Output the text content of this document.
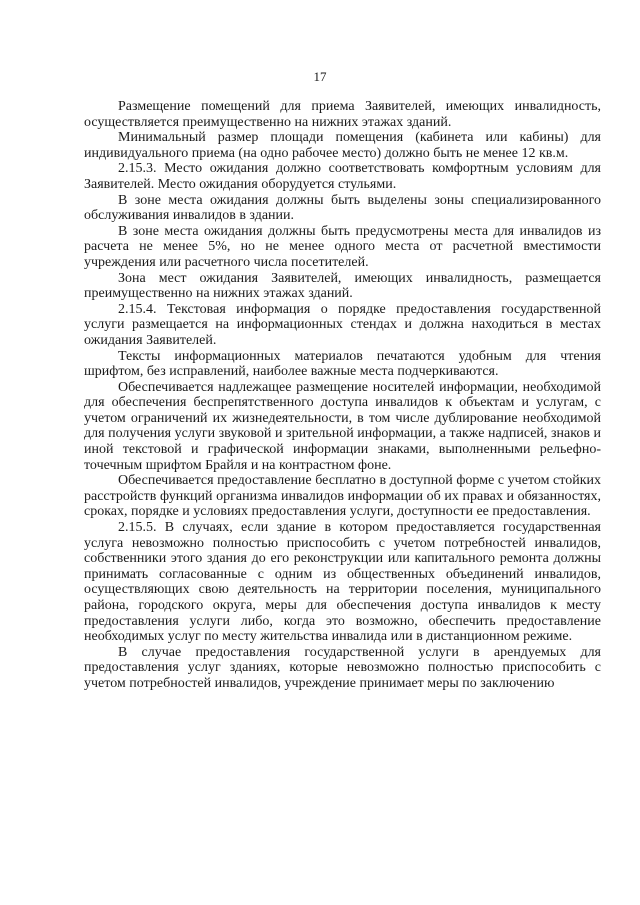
17

Размещение помещений для приема Заявителей, имеющих инвалидность, осуществляется преимущественно на нижних этажах зданий.

Минимальный размер площади помещения (кабинета или кабины) для индивидуального приема (на одно рабочее место) должно быть не менее 12 кв.м.

2.15.3. Место ожидания должно соответствовать комфортным условиям для Заявителей. Место ожидания оборудуется стульями.

В зоне места ожидания должны быть выделены зоны специализированного обслуживания инвалидов в здании.

В зоне места ожидания должны быть предусмотрены места для инвалидов из расчета не менее 5%, но не менее одного места от расчетной вместимости учреждения или расчетного числа посетителей.

Зона мест ожидания Заявителей, имеющих инвалидность, размещается преимущественно на нижних этажах зданий.

2.15.4. Текстовая информация о порядке предоставления государственной услуги размещается на информационных стендах и должна находиться в местах ожидания Заявителей.

Тексты информационных материалов печатаются удобным для чтения шрифтом, без исправлений, наиболее важные места подчеркиваются.

Обеспечивается надлежащее размещение носителей информации, необходимой для обеспечения беспрепятственного доступа инвалидов к объектам и услугам, с учетом ограничений их жизнедеятельности, в том числе дублирование необходимой для получения услуги звуковой и зрительной информации, а также надписей, знаков и иной текстовой и графической информации знаками, выполненными рельефно-точечным шрифтом Брайля и на контрастном фоне.

Обеспечивается предоставление бесплатно в доступной форме с учетом стойких расстройств функций организма инвалидов информации об их правах и обязанностях, сроках, порядке и условиях предоставления услуги, доступности ее предоставления.

2.15.5. В случаях, если здание в котором предоставляется государственная услуга невозможно полностью приспособить с учетом потребностей инвалидов, собственники этого здания до его реконструкции или капитального ремонта должны принимать согласованные с одним из общественных объединений инвалидов, осуществляющих свою деятельность на территории поселения, муниципального района, городского округа, меры для обеспечения доступа инвалидов к месту предоставления услуги либо, когда это возможно, обеспечить предоставление необходимых услуг по месту жительства инвалида или в дистанционном режиме.

В случае предоставления государственной услуги в арендуемых для предоставления услуг зданиях, которые невозможно полностью приспособить с учетом потребностей инвалидов, учреждение принимает меры по заключению
